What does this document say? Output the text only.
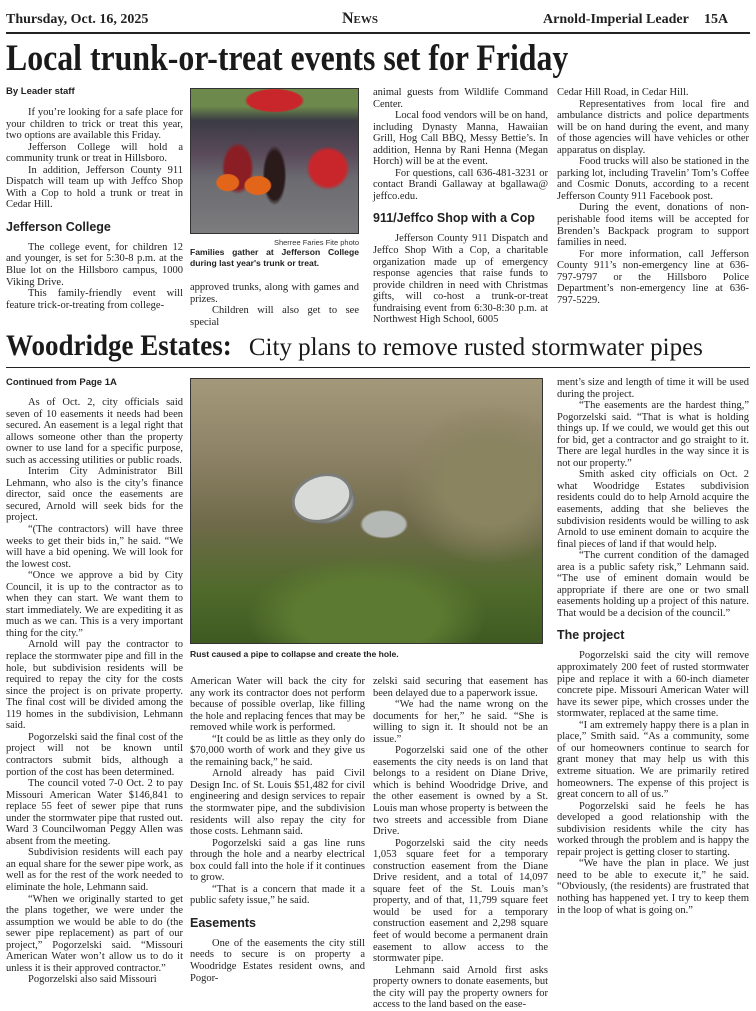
Thursday, Oct. 16, 2025	News	Arnold-Imperial Leader 15A
Local trunk-or-treat events set for Friday
By Leader staff
If you’re looking for a safe place for your children to trick or treat this year, two options are available this Friday.
Jefferson College will hold a community trunk or treat in Hillsboro.
In addition, Jefferson County 911 Dispatch will team up with Jeffco Shop With a Cop to hold a trunk or treat in Cedar Hill.
Jefferson College
The college event, for children 12 and younger, is set for 5:30-8 p.m. at the Blue lot on the Hillsboro campus, 1000 Viking Drive.
This family-friendly event will feature trick-or-treating from college-
Sherree Faries Fite photo
Families gather at Jefferson College during last year's trunk or treat.
approved trunks, along with games and prizes.
Children will also get to see special
animal guests from Wildlife Command Center.
Local food vendors will be on hand, including Dynasty Manna, Hawaiian Grill, Hog Call BBQ, Messy Bettie’s. In addition, Henna by Rani Henna (Megan Horch) will be at the event.
For questions, call 636-481-3231 or contact Brandi Gallaway at bgallawa@ jeffco.edu.
911/Jeffco Shop with a Cop
Jefferson County 911 Dispatch and Jeffco Shop With a Cop, a charitable organization made up of emergency response agencies that raise funds to provide children in need with Christmas gifts, will co-host a trunk-or-treat fundraising event from 6:30-8:30 p.m. at Northwest High School, 6005
Cedar Hill Road, in Cedar Hill.
Representatives from local fire and ambulance districts and police departments will be on hand during the event, and many of those agencies will have vehicles or other apparatus on display.
Food trucks will also be stationed in the parking lot, including Travelin’ Tom’s Coffee and Cosmic Donuts, according to a recent Jefferson County 911 Facebook post.
During the event, donations of non-perishable food items will be accepted for Brenden’s Backpack program to support families in need.
For more information, call Jefferson County 911’s non-emergency line at 636-797-9797 or the Hillsboro Police Department’s non-emergency line at 636-797-5229.
Woodridge Estates: City plans to remove rusted stormwater pipes
Continued from Page 1A
As of Oct. 2, city officials said seven of 10 easements it needs had been secured. An easement is a legal right that allows someone other than the property owner to use land for a specific purpose, such as accessing utilities or public roads.
Interim City Administrator Bill Lehmann, who also is the city’s finance director, said once the easements are secured, Arnold will seek bids for the project.
“(The contractors) will have three weeks to get their bids in,” he said. “We will have a bid opening. We will look for the lowest cost.
“Once we approve a bid by City Council, it is up to the contractor as to when they can start. We want them to start immediately. We are expediting it as much as we can. This is a very important thing for the city.”
Arnold will pay the contractor to replace the stormwater pipe and fill in the hole, but subdivision residents will be required to repay the city for the costs since the project is on private property. The final cost will be divided among the 119 homes in the subdivision, Lehmann said.
Pogorzelski said the final cost of the project will not be known until contractors submit bids, although a portion of the cost has been determined.
The council voted 7-0 Oct. 2 to pay Missouri American Water $146,841 to replace 55 feet of sewer pipe that runs under the stormwater pipe that rusted out. Ward 3 Councilwoman Peggy Allen was absent from the meeting.
Subdivision residents will each pay an equal share for the sewer pipe work, as well as for the rest of the work needed to eliminate the hole, Lehmann said.
“When we originally started to get the plans together, we were under the assumption we would be able to do (the sewer pipe replacement) as part of our project,” Pogorzelski said. “Missouri American Water won’t allow us to do it unless it is their approved contractor.”
Pogorzelski also said Missouri
Rust caused a pipe to collapse and create the hole.
American Water will back the city for any work its contractor does not perform because of possible overlap, like filling the hole and replacing fences that may be removed while work is performed.
“It could be as little as they only do $70,000 worth of work and they give us the remaining back,” he said.
Arnold already has paid Civil Design Inc. of St. Louis $51,482 for civil engineering and design services to repair the stormwater pipe, and the subdivision residents will also repay the city for those costs. Lehmann said.
Pogorzelski said a gas line runs through the hole and a nearby electrical box could fall into the hole if it continues to grow.
“That is a concern that made it a public safety issue,” he said.
Easements
One of the easements the city still needs to secure is on property a Woodridge Estates resident owns, and Pogor-
zelski said securing that easement has been delayed due to a paperwork issue.
“We had the name wrong on the documents for her,” he said. “She is willing to sign it. It should not be an issue.”
Pogorzelski said one of the other easements the city needs is on land that belongs to a resident on Diane Drive, which is behind Woodridge Drive, and the other easement is owned by a St. Louis man whose property is between the two streets and accessible from Diane Drive.
Pogorzelski said the city needs 1,053 square feet for a temporary construction easement from the Diane Drive resident, and a total of 14,097 square feet of the St. Louis man’s property, and of that, 11,799 square feet would be used for a temporary construction easement and 2,298 square feet of would become a permanent drain easement to allow access to the stormwater pipe.
Lehmann said Arnold first asks property owners to donate easements, but the city will pay the property owners for access to the land based on the ease-
ment’s size and length of time it will be used during the project.
“The easements are the hardest thing,” Pogorzelski said. “That is what is holding things up. If we could, we would get this out for bid, get a contractor and go straight to it. There are legal hurdles in the way since it is not our property.”
Smith asked city officials on Oct. 2 what Woodridge Estates subdivision residents could do to help Arnold acquire the easements, adding that she believes the subdivision residents would be willing to ask Arnold to use eminent domain to acquire the final pieces of land if that would help.
“The current condition of the damaged area is a public safety risk,” Lehmann said. “The use of eminent domain would be appropriate if there are one or two small easements holding up a project of this nature. That would be a decision of the council.”
The project
Pogorzelski said the city will remove approximately 200 feet of rusted stormwater pipe and replace it with a 60-inch diameter concrete pipe. Missouri American Water will have its sewer pipe, which crosses under the stormwater, replaced at the same time.
“I am extremely happy there is a plan in place,” Smith said. “As a community, some of our homeowners continue to search for grant money that may help us with this extreme situation. We are primarily retired homeowners. The expense of this project is great concern to all of us.”
Pogorzelski said he feels he has developed a good relationship with the subdivision residents while the city has worked through the problem and is happy the repair project is getting closer to starting.
“We have the plan in place. We just need to be able to execute it,” he said. “Obviously, (the residents) are frustrated that nothing has happened yet. I try to keep them in the loop of what is going on.”
